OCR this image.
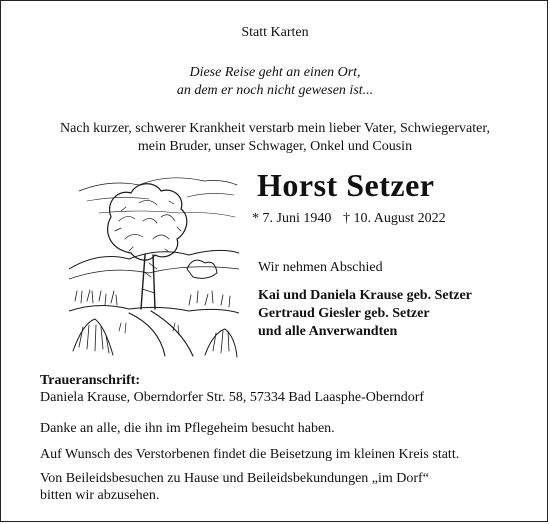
Statt Karten

Diese Reise geht an einen Ort,

an dem er noch nicht gewesen ist...

Nach kurzer, schwerer Krankheit verstarb mein lieber Vater, Schwiegervater,

mein Bruder, unser Schwager, Onkel und Cousin

Horst Setzer

* 7. Juni 1940 † 10. August 2022

Wir nehmen Abschied

Kai und Daniela Krause geb. Setzer

Gertraud Giesler geb. Setzer

und alle Anverwandten

Traueranschrift:

Daniela Krause, Oberndorfer Str. 58, 57334 Bad Laasphe-Oberndorf

Danke an alle, die ihn im Pflegeheim besucht haben.

Auf Wunsch des Verstorbenen findet die Beisetzung im kleinen Kreis statt.

Von Beileidsbesuchen zu Hause und Beileidsbekundungen „im Dorf“

bitten wir abzusehen.
